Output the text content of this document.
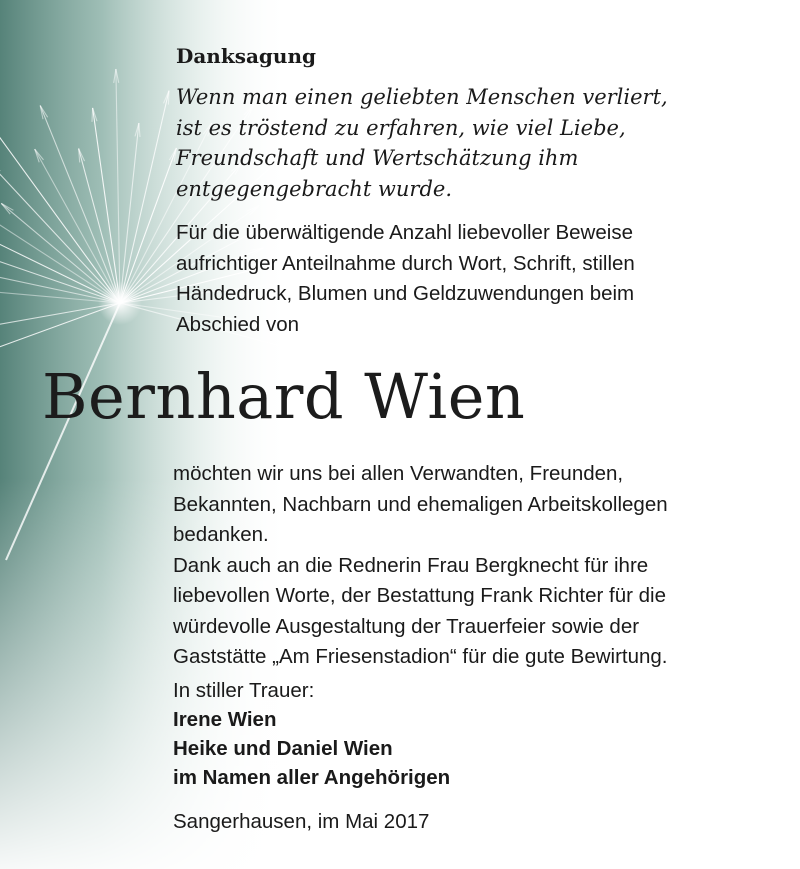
Danksagung
Wenn man einen geliebten Menschen verliert,
ist es tröstend zu erfahren, wie viel Liebe,
Freundschaft und Wertschätzung ihm
entgegengebracht wurde.
Für die überwältigende Anzahl liebevoller Beweise
aufrichtiger Anteilnahme durch Wort, Schrift, stillen
Händedruck, Blumen und Geldzuwendungen beim
Abschied von
Bernhard Wien
möchten wir uns bei allen Verwandten, Freunden,
Bekannten, Nachbarn und ehemaligen Arbeitskollegen
bedanken.
Dank auch an die Rednerin Frau Bergknecht für ihre
liebevollen Worte, der Bestattung Frank Richter für die
würdevolle Ausgestaltung der Trauerfeier sowie der
Gaststätte „Am Friesenstadion“ für die gute Bewirtung.
In stiller Trauer:
Irene Wien
Heike und Daniel Wien
im Namen aller Angehörigen
Sangerhausen, im Mai 2017
